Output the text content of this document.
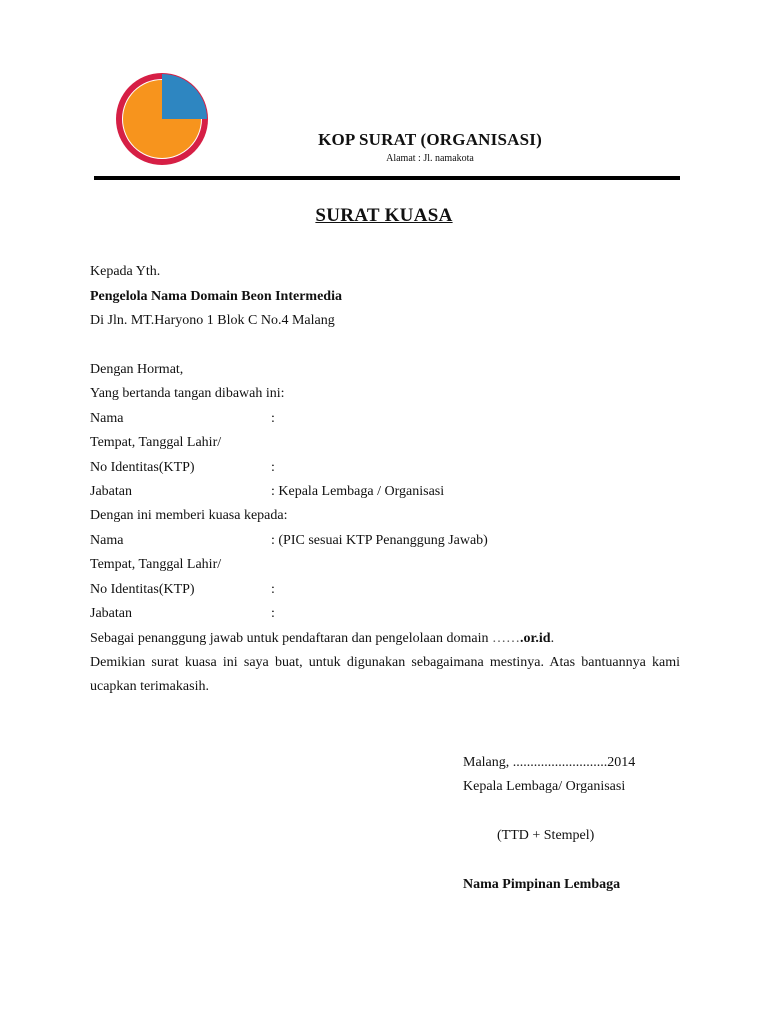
KOP SURAT (ORGANISASI)
Alamat : Jl. namakota
SURAT KUASA
Kepada Yth.
Pengelola Nama Domain Beon Intermedia
Di Jln. MT.Haryono 1 Blok C No.4 Malang
Dengan Hormat,
Yang bertanda tangan dibawah ini:
Nama	:
Tempat, Tanggal Lahir/
No Identitas(KTP)	:
Jabatan	: Kepala Lembaga / Organisasi
Dengan ini memberi kuasa kepada:
Nama	: (PIC sesuai KTP Penanggung Jawab)
Tempat, Tanggal Lahir/
No Identitas(KTP)	:
Jabatan	:
Sebagai penanggung jawab untuk pendaftaran dan pengelolaan domain …….or.id.
Demikian surat kuasa ini saya buat, untuk digunakan sebagaimana mestinya. Atas bantuannya kami ucapkan terimakasih.
Malang, ...........................2014
Kepala Lembaga/ Organisasi
(TTD + Stempel)
Nama Pimpinan Lembaga
